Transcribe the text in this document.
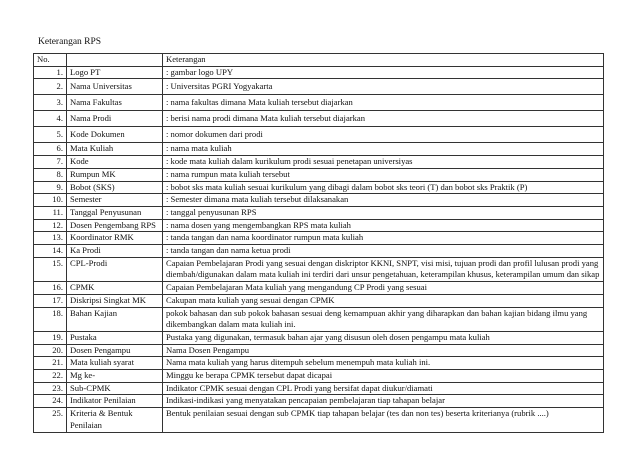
Keterangan RPS
No.		Keterangan
1.	Logo PT	: gambar logo UPY
2.	Nama Universitas	: Universitas PGRI Yogyakarta
3.	Nama Fakultas	: nama fakultas dimana Mata kuliah tersebut diajarkan
4.	Nama Prodi	: berisi nama prodi dimana Mata kuliah tersebut diajarkan
5.	Kode Dokumen	: nomor dokumen dari prodi
6.	Mata Kuliah	: nama mata kuliah
7.	Kode	: kode mata kuliah dalam kurikulum prodi sesuai penetapan universiyas
8.	Rumpun MK	: nama rumpun mata kuliah tersebut
9.	Bobot (SKS)	: bobot sks mata kuliah sesuai kurikulum yang dibagi dalam bobot sks teori (T) dan bobot sks Praktik (P)
10.	Semester	: Semester dimana mata kuliah tersebut dilaksanakan
11.	Tanggal Penyusunan	: tanggal penyusunan RPS
12.	Dosen Pengembang RPS	: nama dosen yang mengembangkan RPS mata kuliah
13.	Koordinator RMK	: tanda tangan dan nama koordinator rumpun mata kuliah
14.	Ka Prodi	: tanda tangan dan nama ketua prodi
15.	CPL-Prodi	Capaian Pembelajaran Prodi yang sesuai dengan diskriptor KKNI, SNPT, visi misi, tujuan prodi dan profil lulusan prodi yang diembah/digunakan dalam mata kuliah ini terdiri dari unsur pengetahuan, keterampilan khusus, keterampilan umum dan sikap
16.	CPMK	Capaian Pembelajaran Mata kuliah yang mengandung CP Prodi yang sesuai
17.	Diskripsi Singkat MK	Cakupan mata kuliah yang sesuai dengan CPMK
18.	Bahan Kajian	pokok bahasan dan sub pokok bahasan sesuai deng kemampuan akhir yang diharapkan dan bahan kajian bidang ilmu yang dikembangkan dalam mata kuliah ini.
19.	Pustaka	Pustaka yang digunakan, termasuk bahan ajar yang disusun oleh dosen pengampu mata kuliah
20.	Dosen Pengampu	Nama Dosen Pengampu
21.	Mata kuliah syarat	Nama mata kuliah yang harus ditempuh sebelum menempuh mata kuliah ini.
22.	Mg ke-	Minggu ke berapa CPMK tersebut dapat dicapai
23.	Sub-CPMK	Indikator CPMK sesuai dengan CPL Prodi yang bersifat dapat diukur/diamati
24.	Indikator Penilaian	Indikasi-indikasi yang menyatakan pencapaian pembelajaran tiap tahapan belajar
25.	Kriteria & Bentuk Penilaian	Bentuk penilaian sesuai dengan sub CPMK tiap tahapan belajar (tes dan non tes) beserta kriterianya (rubrik ....)
